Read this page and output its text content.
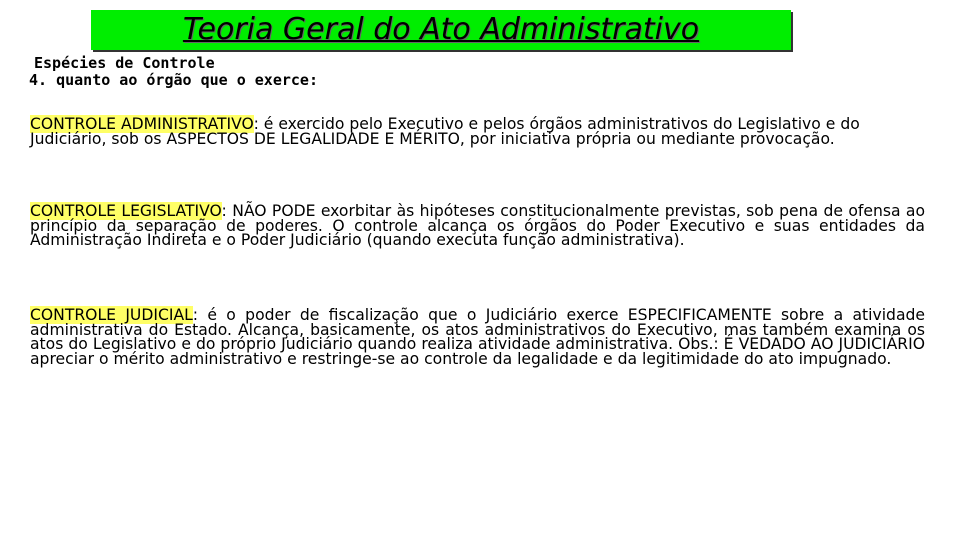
Teoria Geral do Ato Administrativo
Espécies de Controle
4. quanto ao órgão que o exerce:
CONTROLE ADMINISTRATIVO: é exercido pelo Executivo e pelos órgãos administrativos do Legislativo e do Judiciário, sob os ASPECTOS DE LEGALIDADE E MÉRITO, por iniciativa própria ou mediante provocação.
CONTROLE LEGISLATIVO: NÃO PODE exorbitar às hipóteses constitucionalmente previstas, sob pena de ofensa ao princípio da separação de poderes. O controle alcança os órgãos do Poder Executivo e suas entidades da Administração Indireta e o Poder Judiciário (quando executa função administrativa).
CONTROLE JUDICIAL: é o poder de fiscalização que o Judiciário exerce ESPECIFICAMENTE sobre a atividade administrativa do Estado. Alcança, basicamente, os atos administrativos do Executivo, mas também examina os atos do Legislativo e do próprio Judiciário quando realiza atividade administrativa. Obs.: É VEDADO AO JUDICIÁRIO apreciar o mérito administrativo e restringe-se ao controle da legalidade e da legitimidade do ato impugnado.
